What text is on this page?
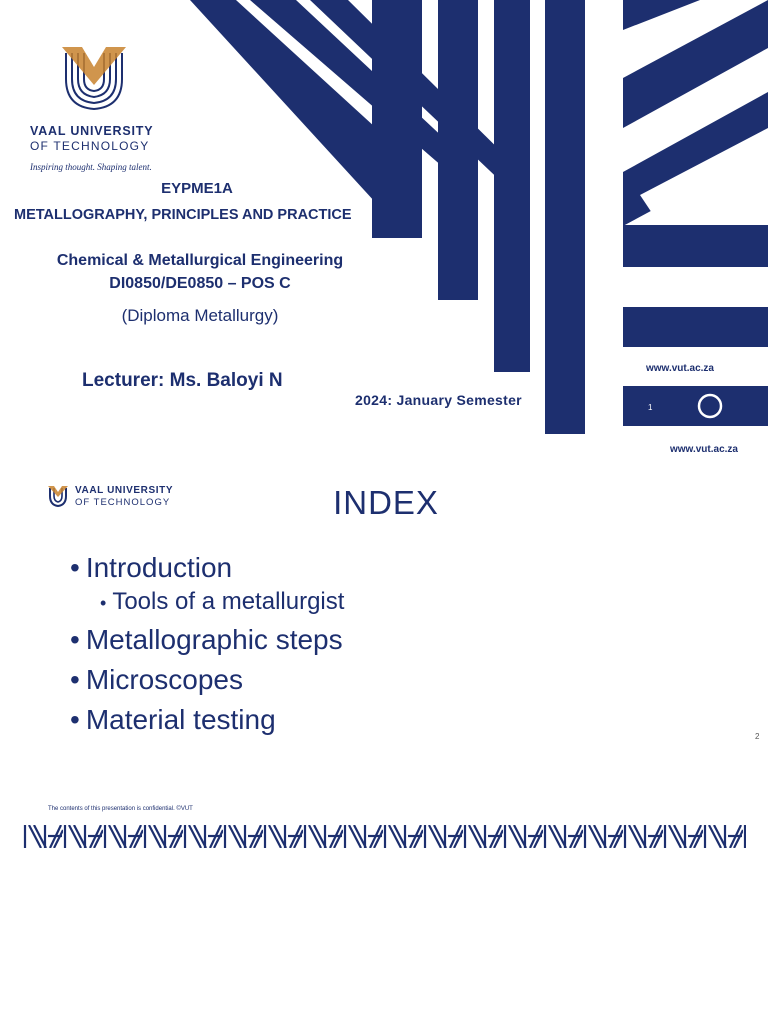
VAAL UNIVERSITY
OF TECHNOLOGY
Inspiring thought. Shaping talent.
EYPME1A
METALLOGRAPHY, PRINCIPLES AND PRACTICE
Chemical & Metallurgical Engineering
DI0850/DE0850 – POS C
(Diploma Metallurgy)
Lecturer: Ms. Baloyi N
2024: January Semester
www.vut.ac.za
1
www.vut.ac.za
VAAL UNIVERSITY
OF TECHNOLOGY	INDEX
• Introduction
• Tools of a metallurgist
• Metallographic steps
• Microscopes
• Material testing
2
The contents of this presentation is confidential. ©VUT
